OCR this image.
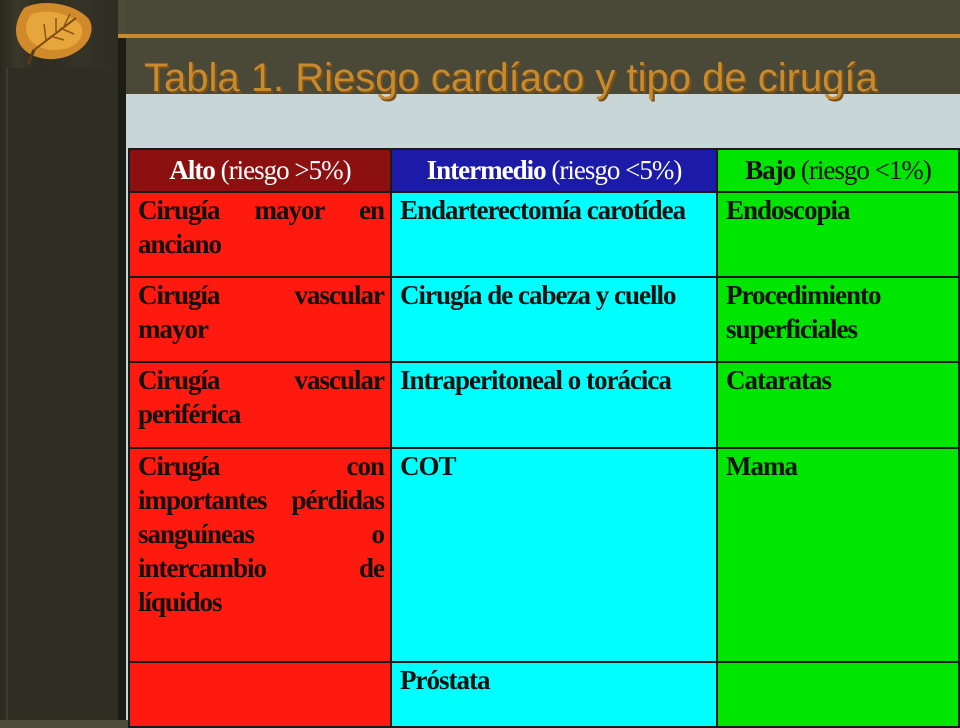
Tabla 1. Riesgo cardíaco y tipo de cirugía
Alto (riesgo >5%)	Intermedio (riesgo <5%)	Bajo (riesgo <1%)
Cirugía mayor en anciano	Endarterectomía carotídea	Endoscopia
Cirugía vascular mayor	Cirugía de cabeza y cuello	Procedimiento superficiales
Cirugía vascular periférica	Intraperitoneal o torácica	Cataratas
Cirugía con importantes pérdidas sanguíneas o intercambio de líquidos	COT	Mama
	Próstata	
